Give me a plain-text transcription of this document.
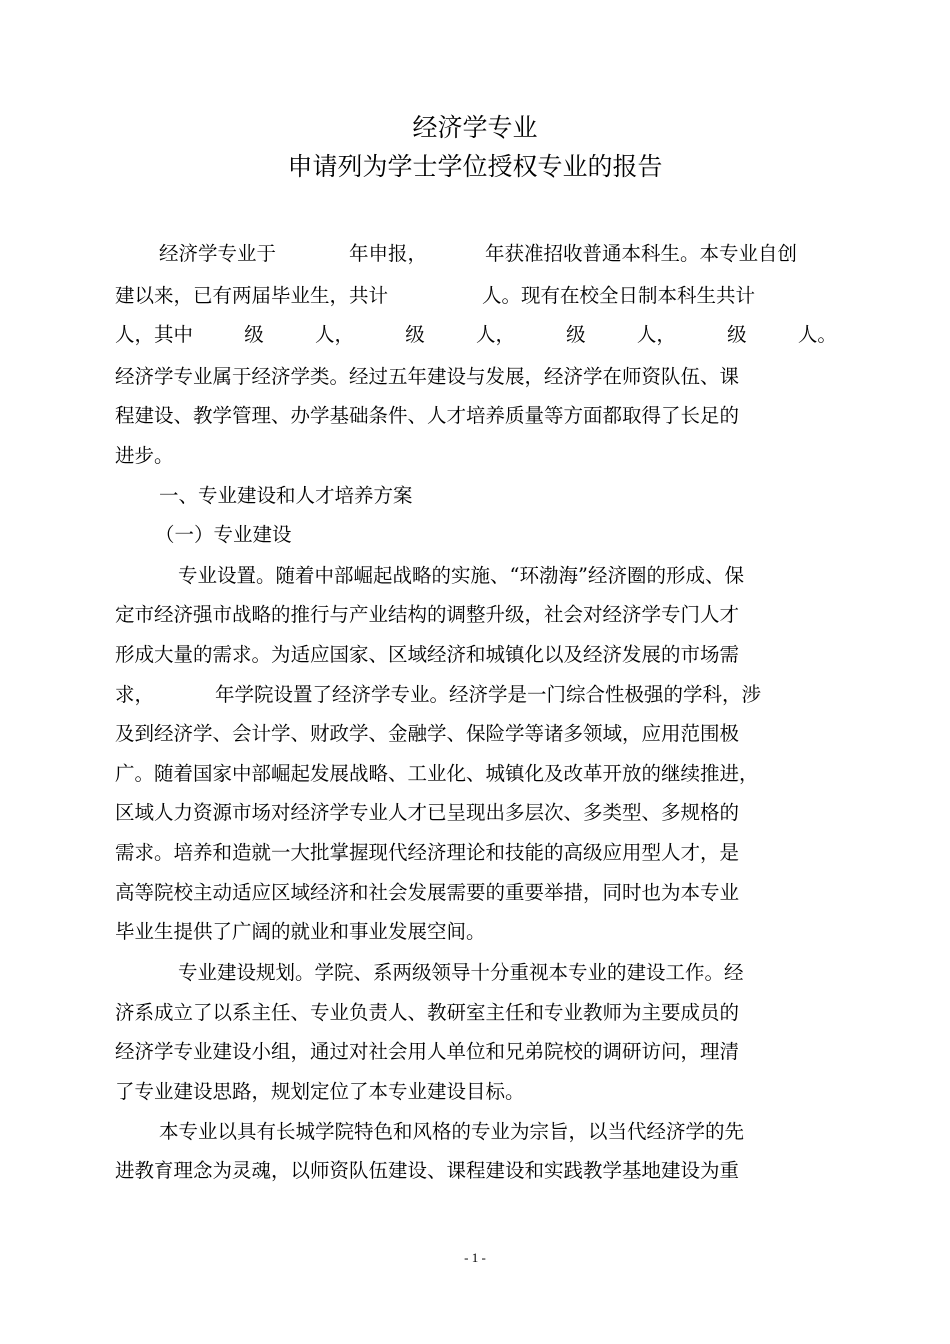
经济学专业
申请列为学士学位授权专业的报告
经济学专业于	年申报，	年获准招收普通本科生。本专业自创
建以来，已有两届毕业生，共计	人。现有在校全日制本科生共计
人，其中	级	人，	级	人，	级	人，	级	人。
经济学专业属于经济学类。经过五年建设与发展，经济学在师资队伍、课
程建设、教学管理、办学基础条件、人才培养质量等方面都取得了长足的
进步。
一、专业建设和人才培养方案
（一）专业建设
专业设置。随着中部崛起战略的实施、“环渤海”经济圈的形成、保
定市经济强市战略的推行与产业结构的调整升级，社会对经济学专门人才
形成大量的需求。为适应国家、区域经济和城镇化以及经济发展的市场需
求，	年学院设置了经济学专业。经济学是一门综合性极强的学科，涉
及到经济学、会计学、财政学、金融学、保险学等诸多领域，应用范围极
广。随着国家中部崛起发展战略、工业化、城镇化及改革开放的继续推进，
区域人力资源市场对经济学专业人才已呈现出多层次、多类型、多规格的
需求。培养和造就一大批掌握现代经济理论和技能的高级应用型人才，是
高等院校主动适应区域经济和社会发展需要的重要举措，同时也为本专业
毕业生提供了广阔的就业和事业发展空间。
专业建设规划。学院、系两级领导十分重视本专业的建设工作。经
济系成立了以系主任、专业负责人、教研室主任和专业教师为主要成员的
经济学专业建设小组，通过对社会用人单位和兄弟院校的调研访问，理清
了专业建设思路，规划定位了本专业建设目标。
本专业以具有长城学院特色和风格的专业为宗旨，以当代经济学的先
进教育理念为灵魂，以师资队伍建设、课程建设和实践教学基地建设为重
- 1 -
